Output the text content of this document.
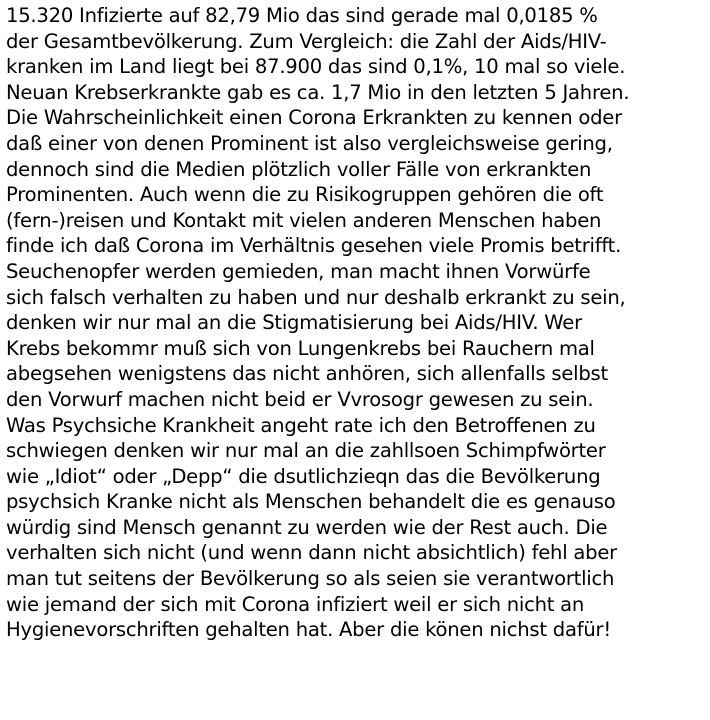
15.320 Infizierte auf 82,79 Mio das sind gerade mal 0,0185 %
der Gesamtbevölkerung. Zum Vergleich: die Zahl der Aids/HIV-
kranken im Land liegt bei 87.900 das sind 0,1%, 10 mal so viele.
Neuan Krebserkrankte gab es ca. 1,7 Mio in den letzten 5 Jahren.
Die Wahrscheinlichkeit einen Corona Erkrankten zu kennen oder
daß einer von denen Prominent ist also vergleichsweise gering,
dennoch sind die Medien plötzlich voller Fälle von erkrankten
Prominenten. Auch wenn die zu Risikogruppen gehören die oft
(fern-)reisen und Kontakt mit vielen anderen Menschen haben
finde ich daß Corona im Verhältnis gesehen viele Promis betrifft.
Seuchenopfer werden gemieden, man macht ihnen Vorwürfe
sich falsch verhalten zu haben und nur deshalb erkrankt zu sein,
denken wir nur mal an die Stigmatisierung bei Aids/HIV. Wer
Krebs bekommr muß sich von Lungenkrebs bei Rauchern mal
abegsehen wenigstens das nicht anhören, sich allenfalls selbst
den Vorwurf machen nicht beid er Vvrosogr gewesen zu sein.
Was Psychsiche Krankheit angeht rate ich den Betroffenen zu
schwiegen denken wir nur mal an die zahllsoen Schimpfwörter
wie „Idiot“ oder „Depp“ die dsutlichzieqn das die Bevölkerung
psychsich Kranke nicht als Menschen behandelt die es genauso
würdig sind Mensch genannt zu werden wie der Rest auch. Die
verhalten sich nicht (und wenn dann nicht absichtlich) fehl aber
man tut seitens der Bevölkerung so als seien sie verantwortlich
wie jemand der sich mit Corona infiziert weil er sich nicht an
Hygienevorschriften gehalten hat. Aber die könen nichst dafür!
